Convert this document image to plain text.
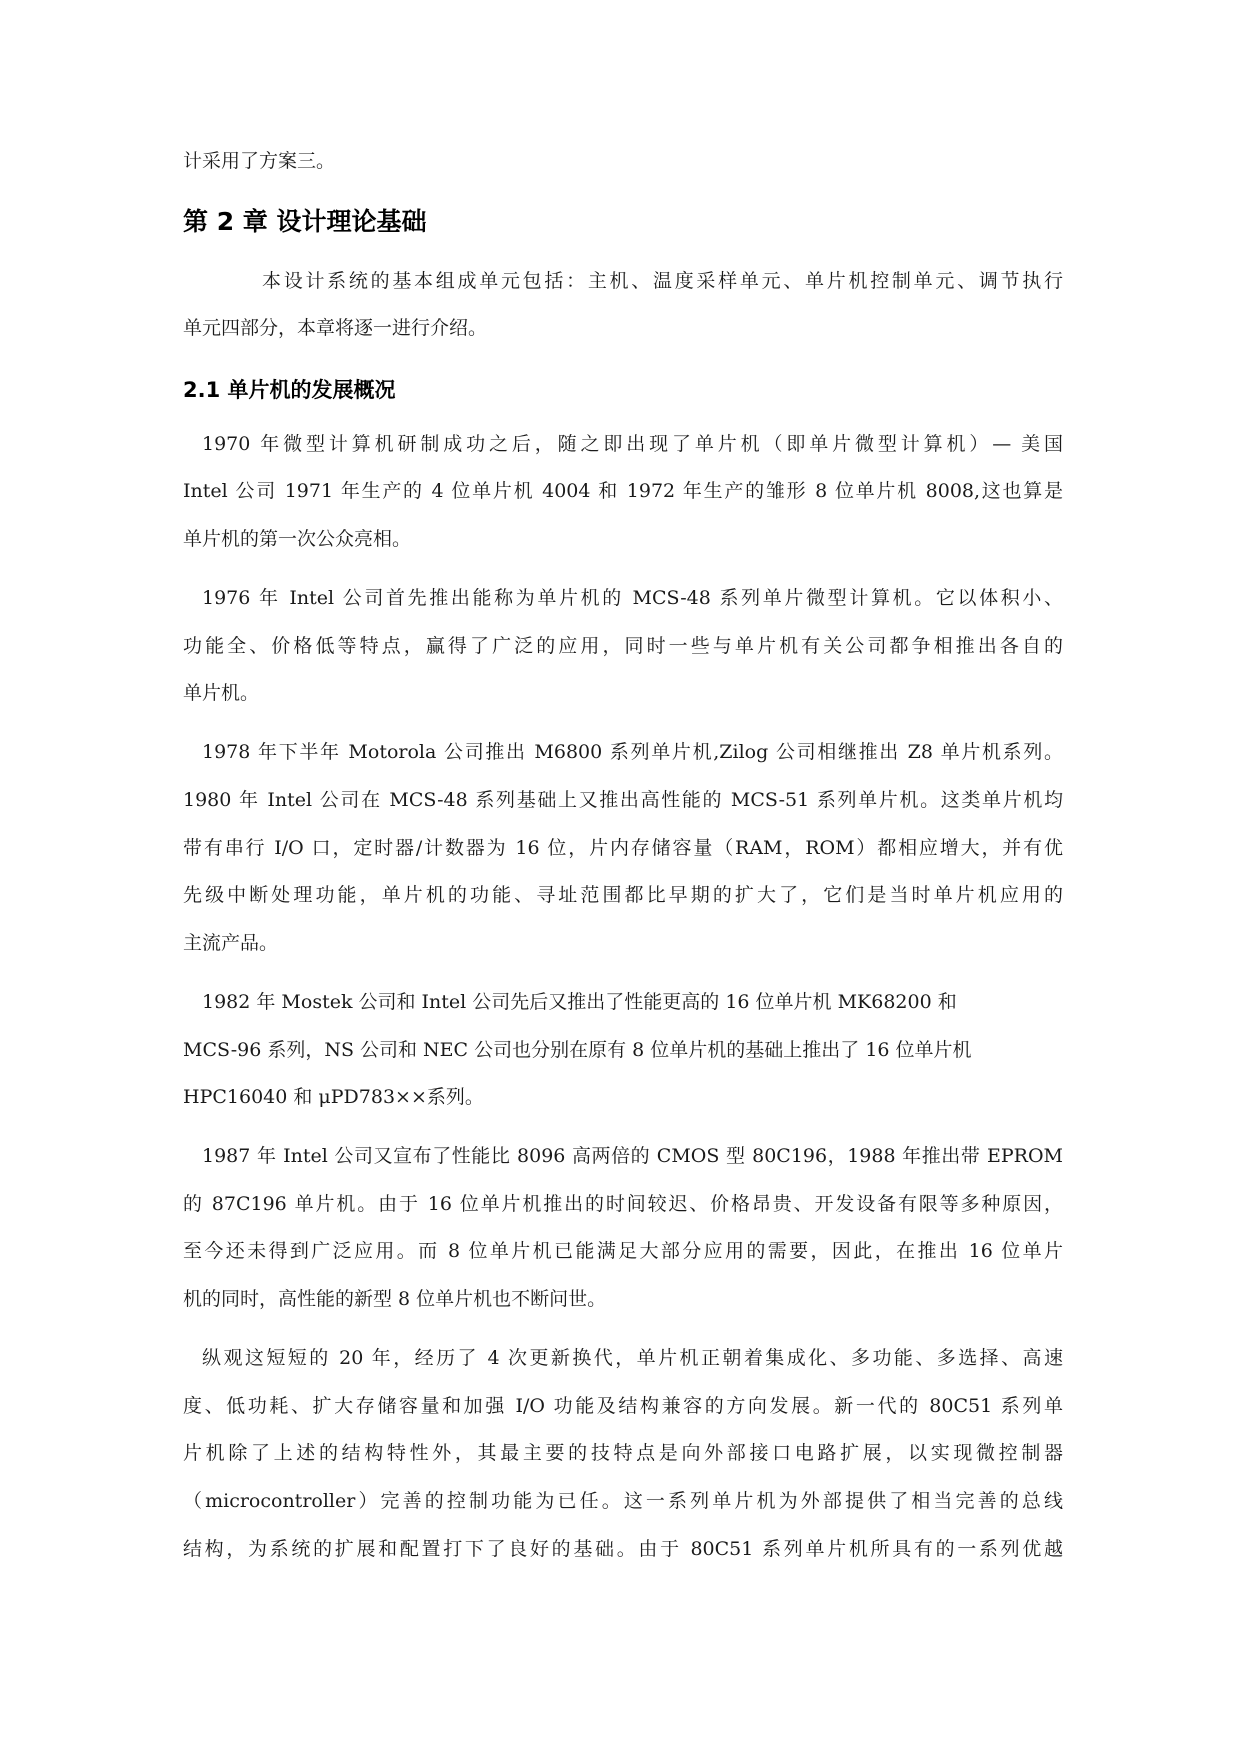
计采用了方案三。
第 2 章 设计理论基础
本设计系统的基本组成单元包括：主机、温度采样单元、单片机控制单元、调节执行
单元四部分，本章将逐一进行介绍。
2.1 单片机的发展概况
1970 年微型计算机研制成功之后，随之即出现了单片机（即单片微型计算机）— 美国
Intel 公司 1971 年生产的 4 位单片机 4004 和 1972 年生产的雏形 8 位单片机 8008,这也算是
单片机的第一次公众亮相。
1976 年 Intel 公司首先推出能称为单片机的 MCS-48 系列单片微型计算机。它以体积小、
功能全、价格低等特点，赢得了广泛的应用，同时一些与单片机有关公司都争相推出各自的
单片机。
1978 年下半年 Motorola 公司推出 M6800 系列单片机,Zilog 公司相继推出 Z8 单片机系列。
1980 年 Intel 公司在 MCS-48 系列基础上又推出高性能的 MCS-51 系列单片机。这类单片机均
带有串行 I/O 口，定时器/计数器为 16 位，片内存储容量（RAM，ROM）都相应增大，并有优
先级中断处理功能，单片机的功能、寻址范围都比早期的扩大了，它们是当时单片机应用的
主流产品。
1982 年 Mostek 公司和 Intel 公司先后又推出了性能更高的 16 位单片机 MK68200 和
MCS-96 系列，NS 公司和 NEC 公司也分别在原有 8 位单片机的基础上推出了 16 位单片机
HPC16040 和 μPD783××系列。
1987 年 Intel 公司又宣布了性能比 8096 高两倍的 CMOS 型 80C196，1988 年推出带 EPROM
的 87C196 单片机。由于 16 位单片机推出的时间较迟、价格昂贵、开发设备有限等多种原因，
至今还未得到广泛应用。而 8 位单片机已能满足大部分应用的需要，因此，在推出 16 位单片
机的同时，高性能的新型 8 位单片机也不断问世。
纵观这短短的 20 年，经历了 4 次更新换代，单片机正朝着集成化、多功能、多选择、高速
度、低功耗、扩大存储容量和加强 I/O 功能及结构兼容的方向发展。新一代的 80C51 系列单
片机除了上述的结构特性外，其最主要的技特点是向外部接口电路扩展，以实现微控制器
（microcontroller）完善的控制功能为已任。这一系列单片机为外部提供了相当完善的总线
结构，为系统的扩展和配置打下了良好的基础。由于 80C51 系列单片机所具有的一系列优越
